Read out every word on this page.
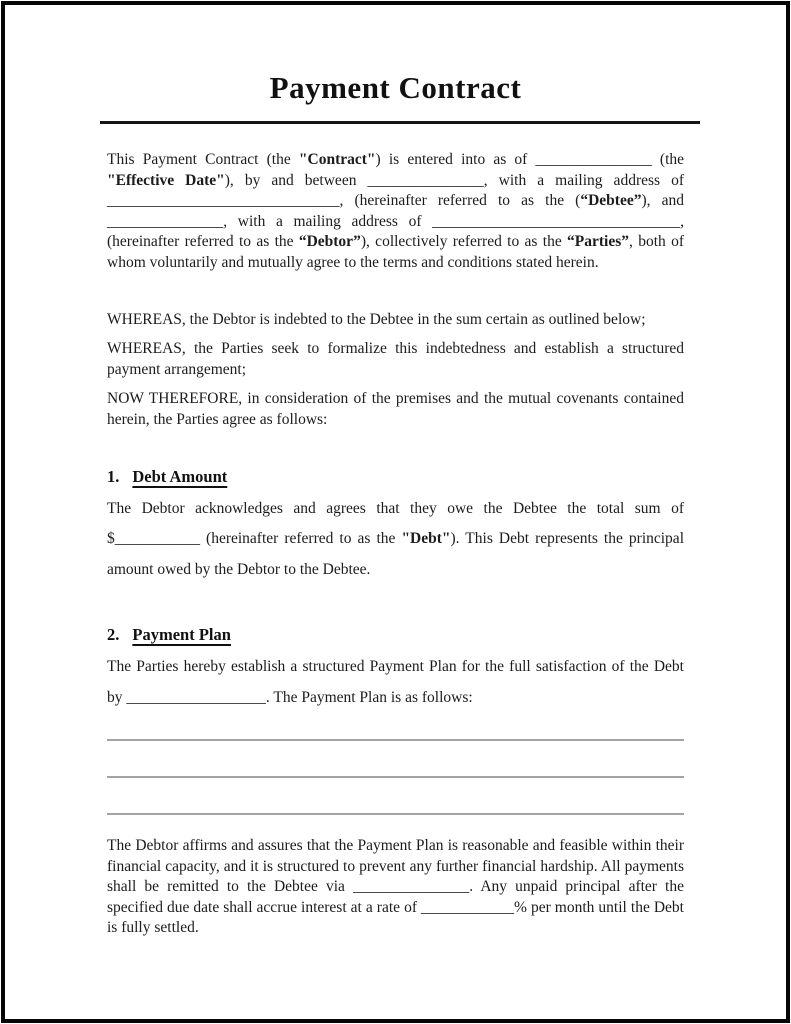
Payment Contract

This Payment Contract (the "Contract") is entered into as of _______________ (the "Effective Date"), by and between _______________, with a mailing address of ______________________________, (hereinafter referred to as the (“Debtee”), and _______________, with a mailing address of ________________________________, (hereinafter referred to as the “Debtor”), collectively referred to as the “Parties”, both of whom voluntarily and mutually agree to the terms and conditions stated herein.

WHEREAS, the Debtor is indebted to the Debtee in the sum certain as outlined below;

WHEREAS, the Parties seek to formalize this indebtedness and establish a structured payment arrangement;

NOW THEREFORE, in consideration of the premises and the mutual covenants contained herein, the Parties agree as follows:

1. Debt Amount

The Debtor acknowledges and agrees that they owe the Debtee the total sum of $___________ (hereinafter referred to as the "Debt"). This Debt represents the principal amount owed by the Debtor to the Debtee.

2. Payment Plan

The Parties hereby establish a structured Payment Plan for the full satisfaction of the Debt by __________________. The Payment Plan is as follows:

The Debtor affirms and assures that the Payment Plan is reasonable and feasible within their financial capacity, and it is structured to prevent any further financial hardship. All payments shall be remitted to the Debtee via _______________. Any unpaid principal after the specified due date shall accrue interest at a rate of ____________% per month until the Debt is fully settled.
